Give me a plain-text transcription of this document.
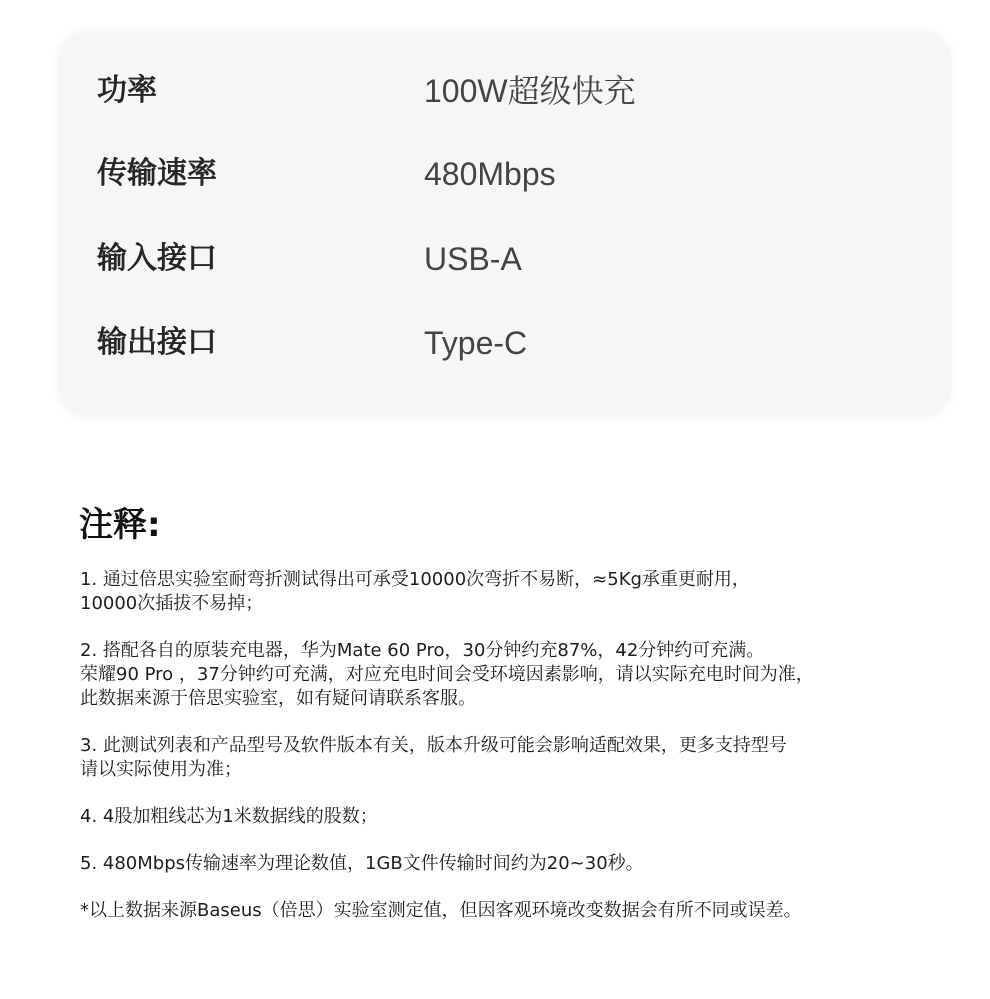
功率	100W超级快充
传输速率	480Mbps
输入接口	USB-A
输出接口	Type-C
注释:
1. 通过倍思实验室耐弯折测试得出可承受10000次弯折不易断，≈5Kg承重更耐用，
10000次插拔不易掉；
2. 搭配各自的原装充电器，华为Mate 60 Pro，30分钟约充87%，42分钟约可充满。
荣耀90 Pro ，37分钟约可充满，对应充电时间会受环境因素影响，请以实际充电时间为准，
此数据来源于倍思实验室，如有疑问请联系客服。
3. 此测试列表和产品型号及软件版本有关，版本升级可能会影响适配效果，更多支持型号
请以实际使用为准；
4. 4股加粗线芯为1米数据线的股数；
5. 480Mbps传输速率为理论数值，1GB文件传输时间约为20~30秒。
*以上数据来源Baseus（倍思）实验室测定值，但因客观环境改变数据会有所不同或误差。
